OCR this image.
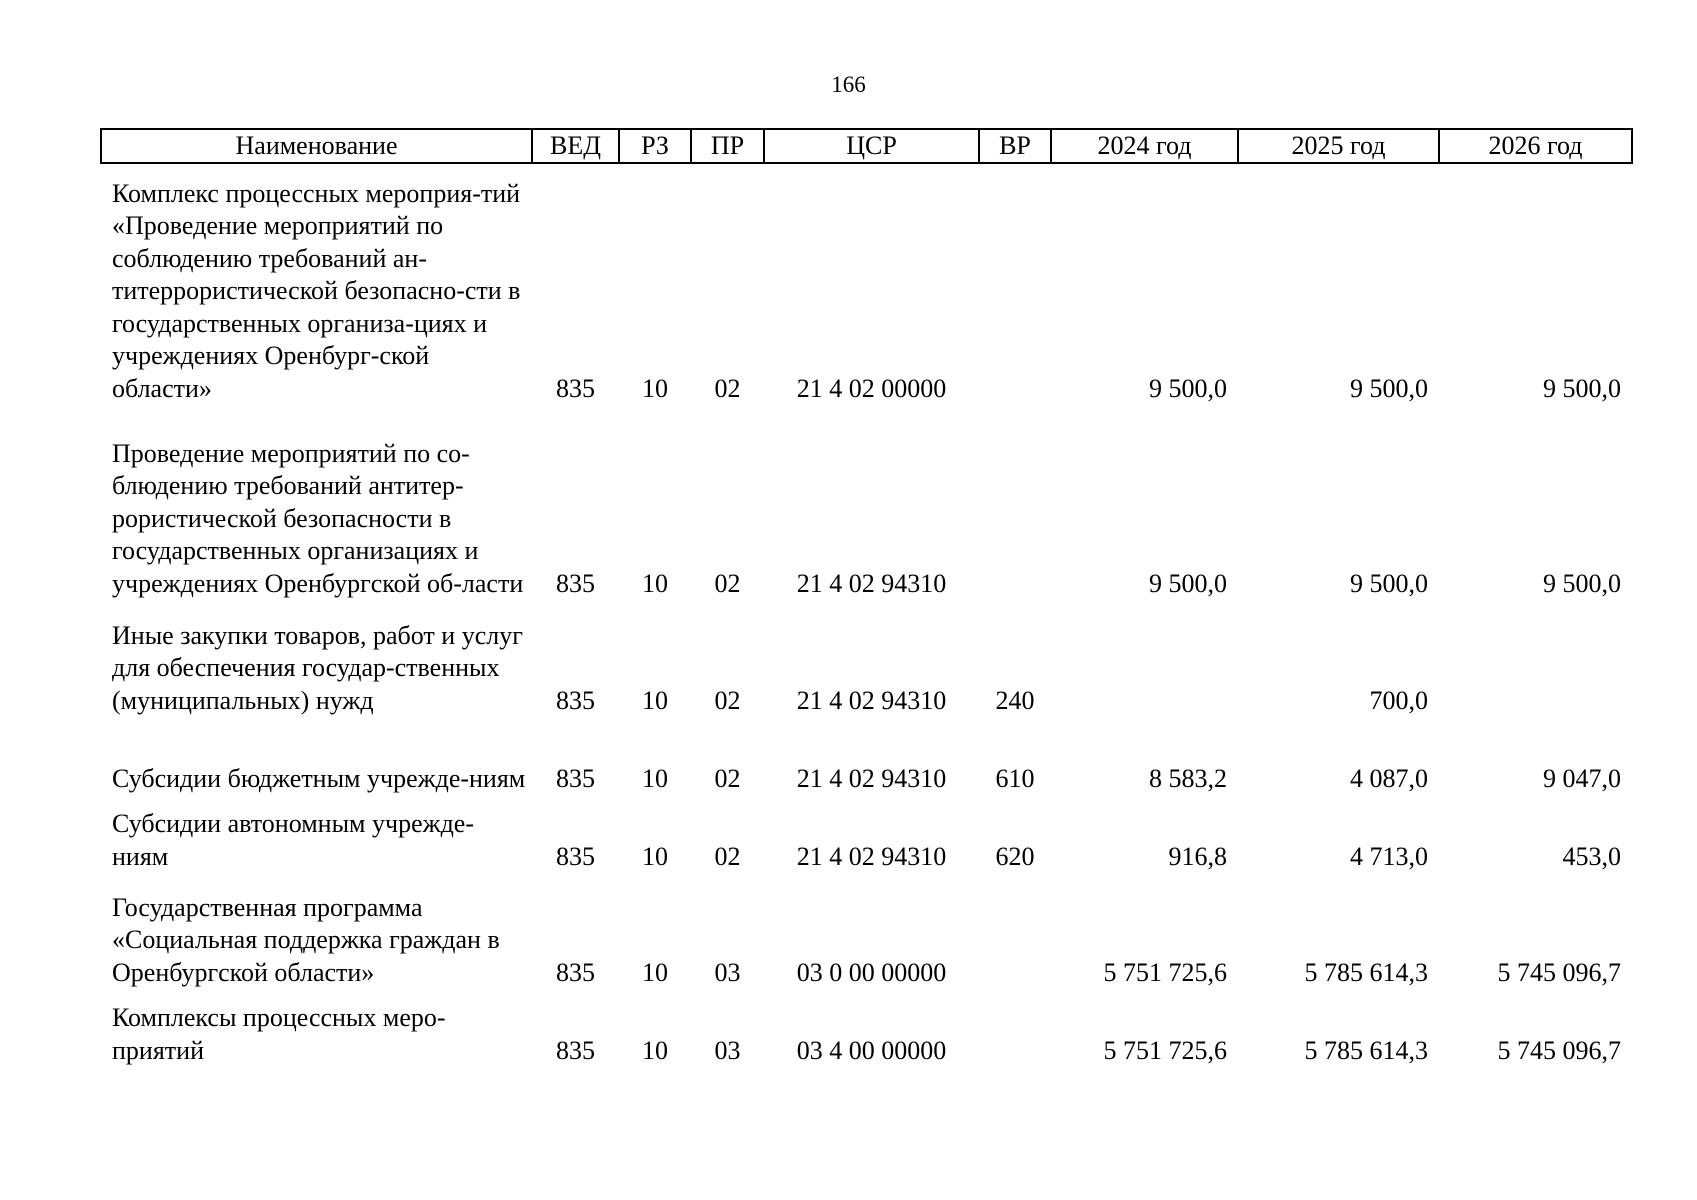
166
Наименование	ВЕД	РЗ	ПР	ЦСР	ВР	2024 год	2025 год	2026 год
Комплекс процессных мероприя-тий «Проведение мероприятий по соблюдению требований ан-титеррористической безопасно-сти в государственных организа-циях и учреждениях Оренбург-ской области»	835	10	02	21 4 02 00000		9 500,0	9 500,0	9 500,0
Проведение мероприятий по со-блюдению требований антитер-рористической безопасности в государственных организациях и учреждениях Оренбургской об-ласти	835	10	02	21 4 02 94310		9 500,0	9 500,0	9 500,0
Иные закупки товаров, работ и услуг для обеспечения государ-ственных (муниципальных) нужд	835	10	02	21 4 02 94310	240		700,0	
Субсидии бюджетным учрежде-ниям	835	10	02	21 4 02 94310	610	8 583,2	4 087,0	9 047,0
Субсидии автономным учрежде-ниям	835	10	02	21 4 02 94310	620	916,8	4 713,0	453,0
Государственная программа «Социальная поддержка граждан в Оренбургской области»	835	10	03	03 0 00 00000		5 751 725,6	5 785 614,3	5 745 096,7
Комплексы процессных меро-приятий	835	10	03	03 4 00 00000		5 751 725,6	5 785 614,3	5 745 096,7
